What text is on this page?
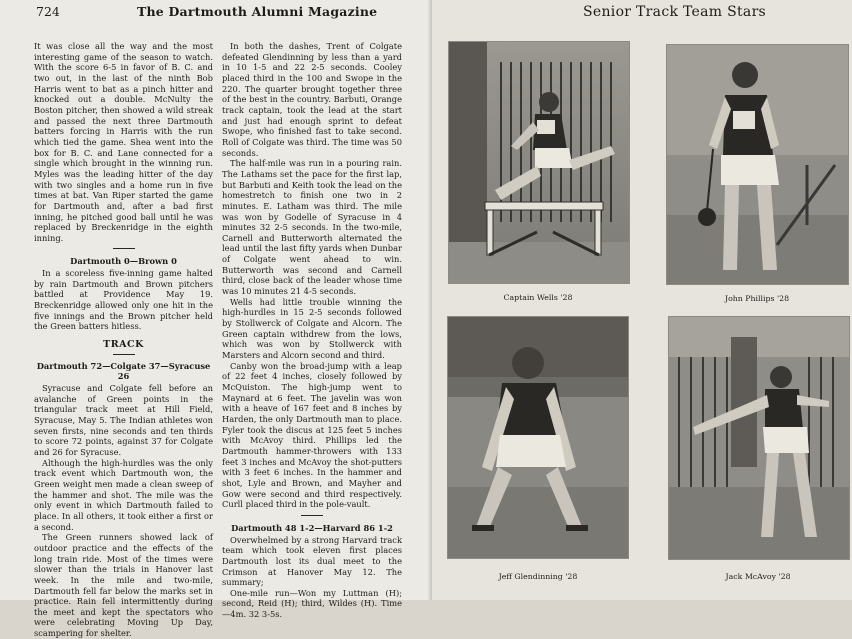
724	The Dartmouth Alumni Magazine

It was close all the way and the most interesting game of the season to watch. With the score 6-5 in favor of B. C. and two out, in the last of the ninth Bob Harris went to bat as a pinch hitter and knocked out a double. McNulty the Boston pitcher, then showed a wild streak and passed the next three Dartmouth batters forcing in Harris with the run which tied the game. Shea went into the box for B. C. and Lane connected for a single which brought in the winning run. Myles was the leading hitter of the day with two singles and a home run in five times at bat. Van Riper started the game for Dartmouth and, after a bad first inning, he pitched good ball until he was replaced by Breckenridge in the eighth inning.

Dartmouth 0—Brown 0

In a scoreless five-inning game halted by rain Dartmouth and Brown pitchers battled at Providence May 19. Breckenridge allowed only one hit in the five innings and the Brown pitcher held the Green batters hitless.

TRACK
Dartmouth 72—Colgate 37—Syracuse 26

Syracuse and Colgate fell before an avalanche of Green points in the triangular track meet at Hill Field, Syracuse, May 5. The Indian athletes won seven firsts, nine seconds and ten thirds to score 72 points, against 37 for Colgate and 26 for Syracuse.

Although the high-hurdles was the only track event which Dartmouth won, the Green weight men made a clean sweep of the hammer and shot. The mile was the only event in which Dartmouth failed to place. In all others, it took either a first or a second.

The Green runners showed lack of outdoor practice and the effects of the long train ride. Most of the times were slower than the trials in Hanover last week. In the mile and two-mile, Dartmouth fell far below the marks set in practice. Rain fell intermittently during the meet and kept the spectators who were celebrating Moving Up Day, scampering for shelter.

In both the dashes, Trent of Colgate defeated Glendinning by less than a yard in 10 1-5 and 22 2-5 seconds. Cooley placed third in the 100 and Swope in the 220. The quarter brought together three of the best in the country. Barbuti, Orange track captain, took the lead at the start and just had enough sprint to defeat Swope, who finished fast to take second. Roll of Colgate was third. The time was 50 seconds.

The half-mile was run in a pouring rain. The Lathams set the pace for the first lap, but Barbuti and Keith took the lead on the homestretch to finish one two in 2 minutes. E. Latham was third. The mile was won by Godelle of Syracuse in 4 minutes 32 2-5 seconds. In the two-mile, Carnell and Butterworth alternated the lead until the last fifty yards when Dunbar of Colgate went ahead to win. Butterworth was second and Carnell third, close back of the leader whose time was 10 minutes 21 4-5 seconds.

Wells had little trouble winning the high-hurdles in 15 2-5 seconds followed by Stollwerck of Colgate and Alcorn. The Green captain withdrew from the lows, which was won by Stollwerck with Marsters and Alcorn second and third.

Canby won the broad-jump with a leap of 22 feet 4 inches, closely followed by McQuiston. The high-jump went to Maynard at 6 feet. The javelin was won with a heave of 167 feet and 8 inches by Harden, the only Dartmouth man to place. Fyler took the discus at 125 feet 5 inches with McAvoy third. Phillips led the Dartmouth hammer-throwers with 133 feet 3 inches and McAvoy the shot-putters with 3 feet 6 inches. In the hammer and shot, Lyle and Brown, and Mayher and Gow were second and third respectively. Curll placed third in the pole-vault.

Dartmouth 48 1-2—Harvard 86 1-2

Overwhelmed by a strong Harvard track team which took eleven first places Dartmouth lost its dual meet to the Crimson at Hanover May 12. The summary;

One-mile run—Won my Luttman (H); second, Reid (H); third, Wildes (H). Time—4m. 32 3-5s.

Senior Track Team Stars
Captain Wells '28	John Phillips '28
Jeff Glendinning '28	Jack McAvoy '28
